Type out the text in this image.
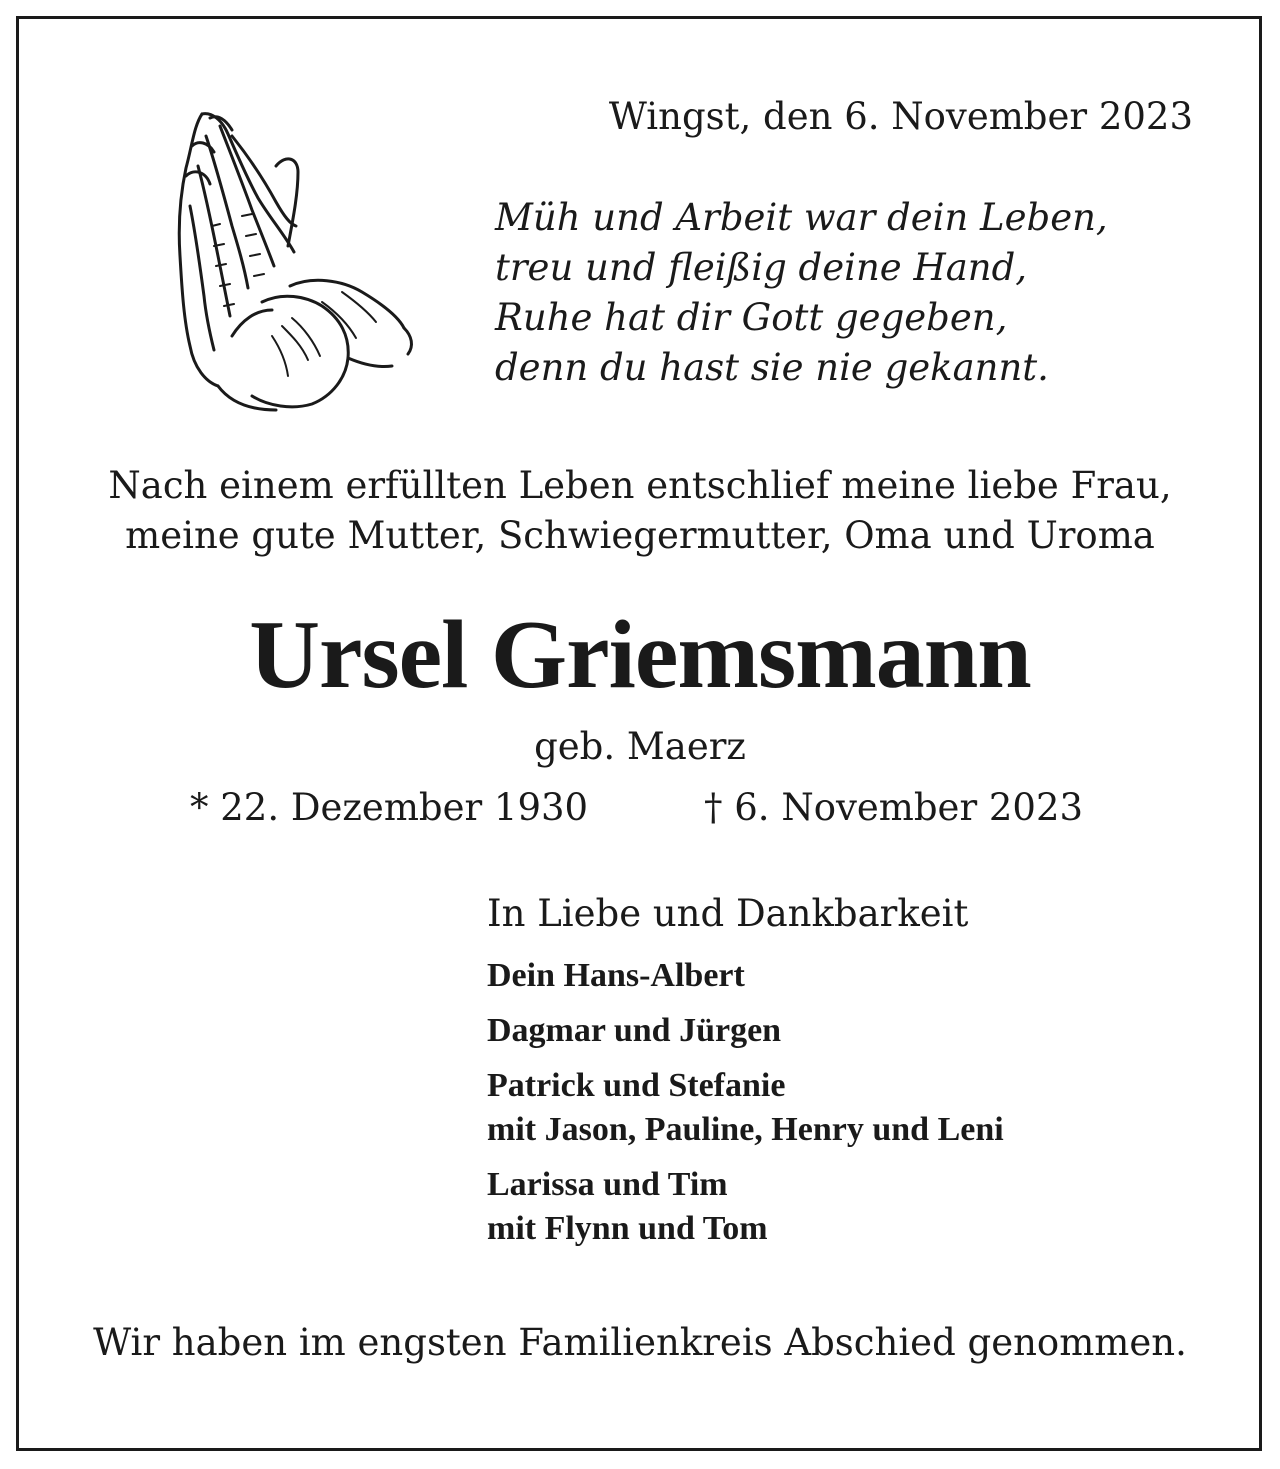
Wingst, den 6. November 2023
Müh und Arbeit war dein Leben,
treu und fleißig deine Hand,
Ruhe hat dir Gott gegeben,
denn du hast sie nie gekannt.
Nach einem erfüllten Leben entschlief meine liebe Frau,
meine gute Mutter, Schwiegermutter, Oma und Uroma
Ursel Griemsmann
geb. Maerz
* 22. Dezember 1930	† 6. November 2023
In Liebe und Dankbarkeit
Dein Hans-Albert
Dagmar und Jürgen
Patrick und Stefanie
mit Jason, Pauline, Henry und Leni
Larissa und Tim
mit Flynn und Tom
Wir haben im engsten Familienkreis Abschied genommen.
